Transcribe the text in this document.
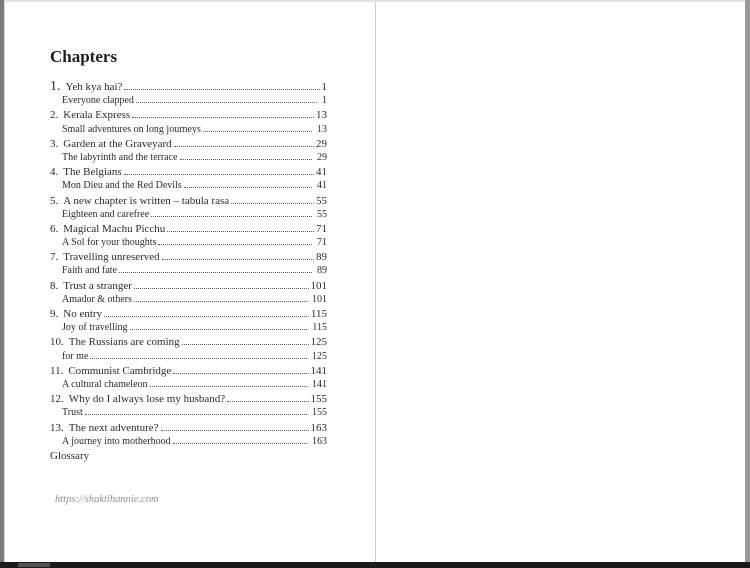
Chapters
1. Yeh kya hai?	1
Everyone clapped	1
2. Kerala Express	13
Small adventures on long journeys	13
3. Garden at the Graveyard	29
The labyrinth and the terrace	29
4. The Belgians	41
Mon Dieu and the Red Devils	41
5. A new chapter is written – tabula rasa	55
Eighteen and carefree	55
6. Magical Machu Picchu	71
A Sol for your thoughts	71
7. Travelling unreserved	89
Faith and fate	89
8. Trust a stranger	101
Amador & others	101
9. No entry	115
Joy of travelling	115
10. The Russians are coming	125
for me	125
11. Communist Cambridge	141
A cultural chameleon	141
12. Why do I always lose my husband?	155
Trust	155
13. The next adventure?	163
A journey into motherhood	163
Glossary
https://shaktihannie.com
